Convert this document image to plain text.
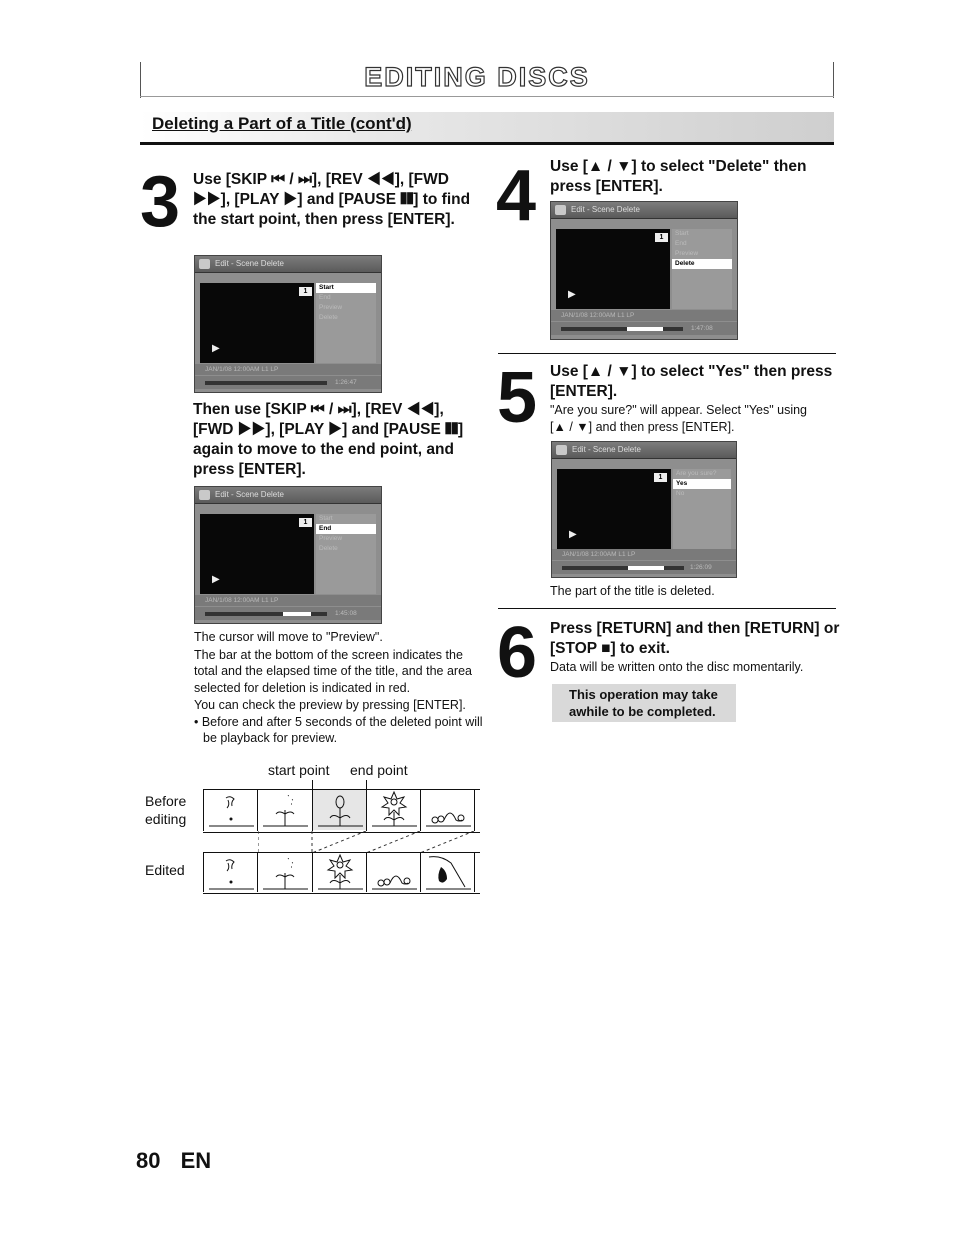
EDITING DISCS
Deleting a Part of a Title (cont'd)
3 Use [SKIP ⏮ / ⏭], [REV ◀◀], [FWD ▶▶], [PLAY ▶] and [PAUSE ❚❚] to find the start point, then press [ENTER].
Edit - Scene Delete
▶
1
Start
End
Preview
Delete
JAN/1/08 12:00AM L1 LP
1:26:47
Then use [SKIP ⏮ / ⏭], [REV ◀◀], [FWD ▶▶], [PLAY ▶] and [PAUSE ❚❚] again to move to the end point, and press [ENTER].
Edit - Scene Delete
▶
1
Start
End
Preview
Delete
JAN/1/08 12:00AM L1 LP
1:45:08
The cursor will move to "Preview".
The bar at the bottom of the screen indicates the total and the elapsed time of the title, and the area selected for deletion is indicated in red.
You can check the preview by pressing [ENTER].
• Before and after 5 seconds of the deleted point will be playback for preview.
start point end point
Before editing
Edited
4 Use [▲ / ▼] to select "Delete" then press [ENTER].
Edit - Scene Delete
▶
1
Start
End
Preview
Delete
JAN/1/08 12:00AM L1 LP
1:47:08
5 Use [▲ / ▼] to select "Yes" then press [ENTER].
"Are you sure?" will appear. Select "Yes" using [▲ / ▼] and then press [ENTER].
Edit - Scene Delete
▶
1
Are you sure?
Yes
No
JAN/1/08 12:00AM L1 LP
1:26:09
The part of the title is deleted.
6 Press [RETURN] and then [RETURN] or [STOP ■] to exit.
Data will be written onto the disc momentarily.
This operation may take
awhile to be completed.
80 EN
